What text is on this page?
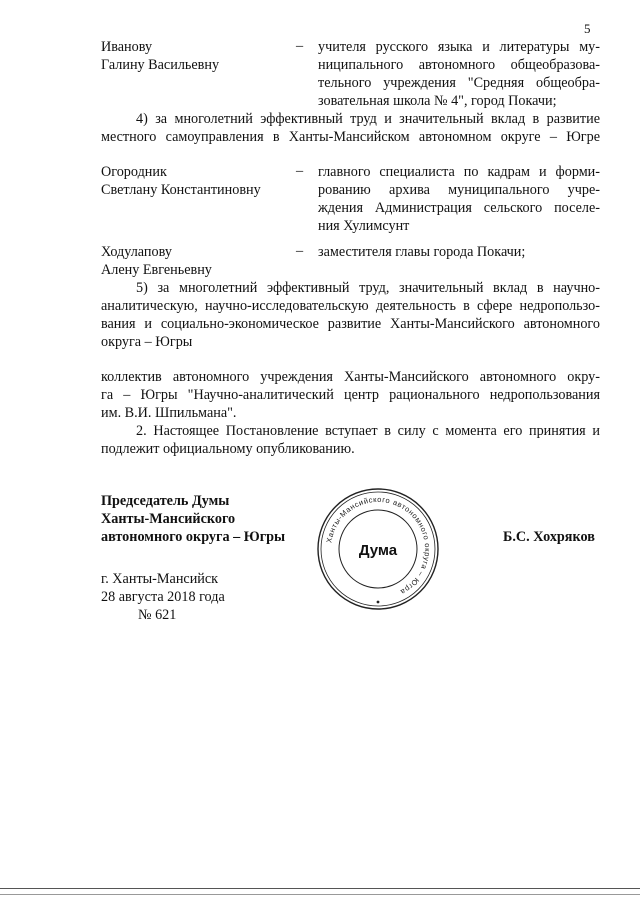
5
Иванову
Галину Васильевну
– учителя русского языка и литературы му-
ниципального автономного общеобразова-
тельного учреждения "Средняя общеобра-
зовательная школа № 4", город Покачи;
4) за многолетний эффективный труд и значительный вклад в развитие
местного самоуправления в Ханты-Мансийском автономном округе – Югре
Огородник
Светлану Константиновну
– главного специалиста по кадрам и форми-
рованию архива муниципального учре-
ждения Администрация сельского поселе-
ния Хулимсунт
Ходулапову
Алену Евгеньевну
– заместителя главы города Покачи;
5) за многолетний эффективный труд, значительный вклад в научно-
аналитическую, научно-исследовательскую деятельность в сфере недропользо-
вания и социально-экономическое развитие Ханты-Мансийского автономного
округа – Югры
коллектив автономного учреждения Ханты-Мансийского автономного окру-
га – Югры "Научно-аналитический центр рационального недропользования
им. В.И. Шпильмана".
2. Настоящее Постановление вступает в силу с момента его принятия и
подлежит официальному опубликованию.
Председатель Думы
Ханты-Мансийского
автономного округа – Югры	Б.С. Хохряков
Ханты-Мансийского автономного округа – Югра
Дума
г. Ханты-Мансийск
28 августа 2018 года
№ 621
